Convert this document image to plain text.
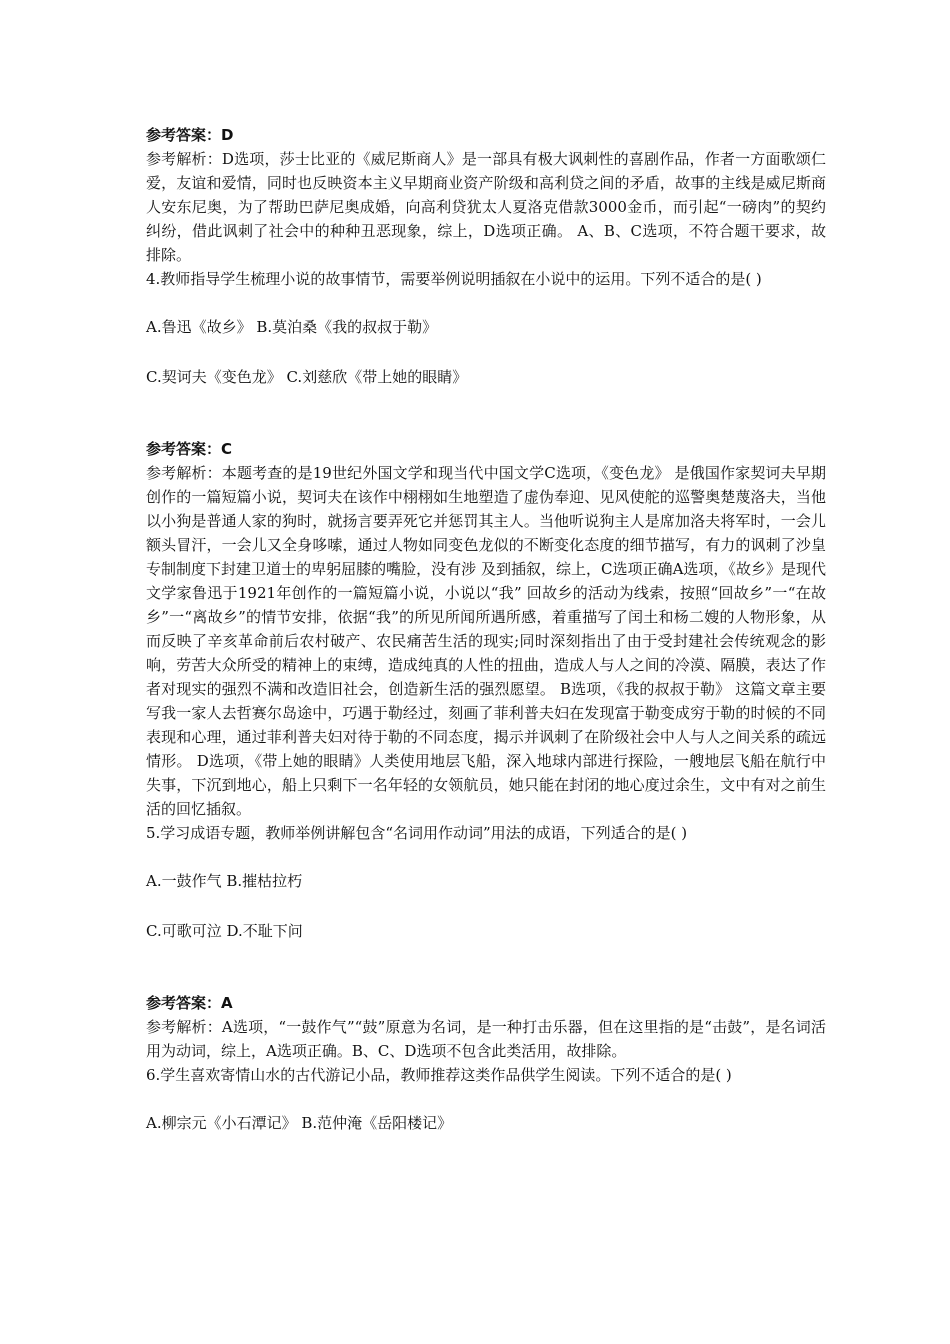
参考答案：D

参考解析：D选项，莎士比亚的《威尼斯商人》是一部具有极大讽刺性的喜剧作品，作者一方面歌颂仁爱，友谊和爱情，同时也反映资本主义早期商业资产阶级和高利贷之间的矛盾，故事的主线是威尼斯商人安东尼奥，为了帮助巴萨尼奥成婚，向高利贷犹太人夏洛克借款3000金币，而引起“一磅肉”的契约纠纷，借此讽刺了社会中的种种丑恶现象，综上，D选项正确。 A、B、C选项，不符合题干要求，故排除。

4.教师指导学生梳理小说的故事情节，需要举例说明插叙在小说中的运用。下列不适合的是( )

A.鲁迅《故乡》 B.莫泊桑《我的叔叔于勒》

C.契诃夫《变色龙》 C.刘慈欣《带上她的眼睛》

参考答案：C

参考解析：本题考查的是19世纪外国文学和现当代中国文学C选项，《变色龙》 是俄国作家契诃夫早期创作的一篇短篇小说，契诃夫在该作中栩栩如生地塑造了虚伪奉迎、见风使舵的巡警奥楚蔑洛夫，当他以小狗是普通人家的狗时，就扬言要弄死它并惩罚其主人。当他听说狗主人是席加洛夫将军时，一会儿额头冒汗，一会儿又全身哆嗦，通过人物如同变色龙似的不断变化态度的细节描写，有力的讽刺了沙皇专制制度下封建卫道士的卑躬屈膝的嘴脸，没有涉 及到插叙，综上，C选项正确A选项，《故乡》是现代文学家鲁迅于1921年创作的一篇短篇小说，小说以“我” 回故乡的活动为线索，按照“回故乡”一“在故乡”一“离故乡”的情节安排，依据“我”的所见所闻所遇所感，着重描写了闰土和杨二嫂的人物形象，从而反映了辛亥革命前后农村破产、农民痛苦生活的现实;同时深刻指出了由于受封建社会传统观念的影响，劳苦大众所受的精神上的束缚，造成纯真的人性的扭曲，造成人与人之间的冷漠、隔膜，表达了作者对现实的强烈不满和改造旧社会，创造新生活的强烈愿望。 B选项，《我的叔叔于勒》 这篇文章主要写我一家人去哲赛尔岛途中，巧遇于勒经过，刻画了菲利普夫妇在发现富于勒变成穷于勒的时候的不同表现和心理，通过菲利普夫妇对待于勒的不同态度，揭示并讽刺了在阶级社会中人与人之间关系的疏远情形。 D选项，《带上她的眼睛》人类使用地层飞船，深入地球内部进行探险，一艘地层飞船在航行中失事，下沉到地心，船上只剩下一名年轻的女领航员，她只能在封闭的地心度过余生，文中有对之前生活的回忆插叙。

5.学习成语专题，教师举例讲解包含“名词用作动词”用法的成语，下列适合的是( )

A.一鼓作气 B.摧枯拉朽

C.可歌可泣 D.不耻下问

参考答案：A

参考解析：A选项，“一鼓作气”“鼓”原意为名词，是一种打击乐器，但在这里指的是“击鼓”，是名词活用为动词，综上，A选项正确。B、C、D选项不包含此类活用，故排除。

6.学生喜欢寄情山水的古代游记小品，教师推荐这类作品供学生阅读。下列不适合的是( )

A.柳宗元《小石潭记》 B.范仲淹《岳阳楼记》
